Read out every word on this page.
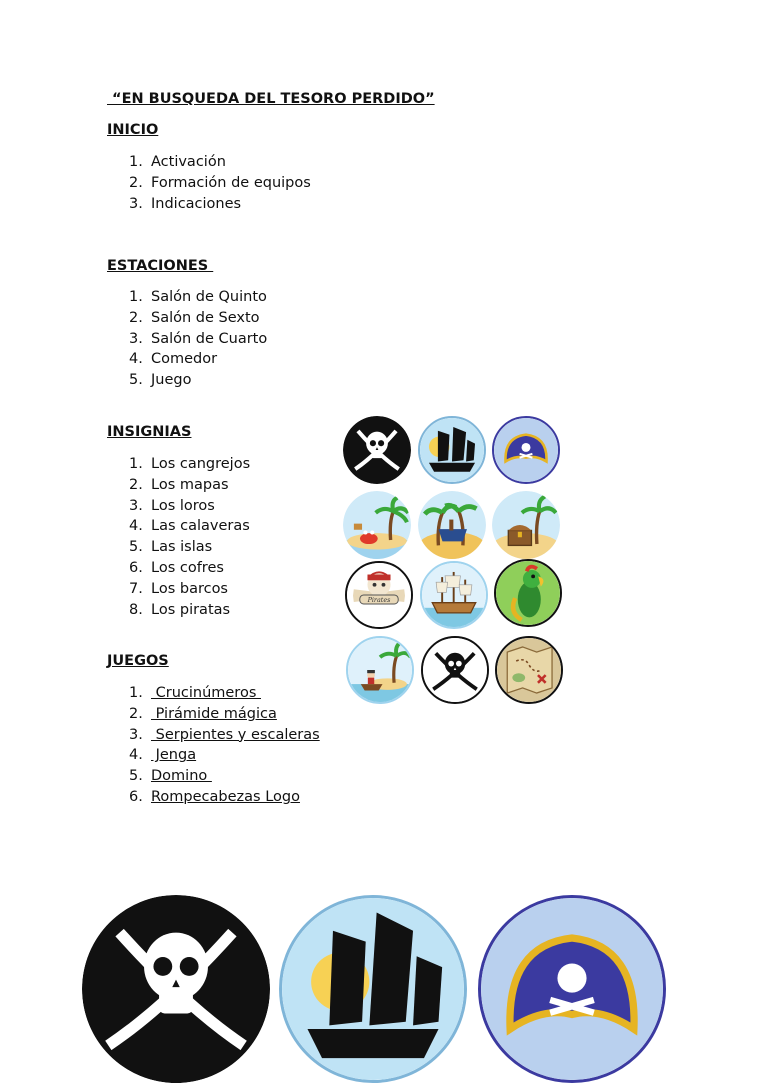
“EN BUSQUEDA DEL TESORO PERDIDO”
INICIO
1. Activación
2. Formación de equipos
3. Indicaciones
ESTACIONES
1. Salón de Quinto
2. Salón de Sexto
3. Salón de Cuarto
4. Comedor
5. Juego
INSIGNIAS
1. Los cangrejos
2. Los mapas
3. Los loros
4. Las calaveras
5. Las islas
6. Los cofres
7. Los barcos
8. Los piratas
JUEGOS
1. Crucinúmeros
2. Pirámide mágica
3. Serpientes y escaleras
4. Jenga
5. Domino
6. Rompecabezas Logo
Pirates
